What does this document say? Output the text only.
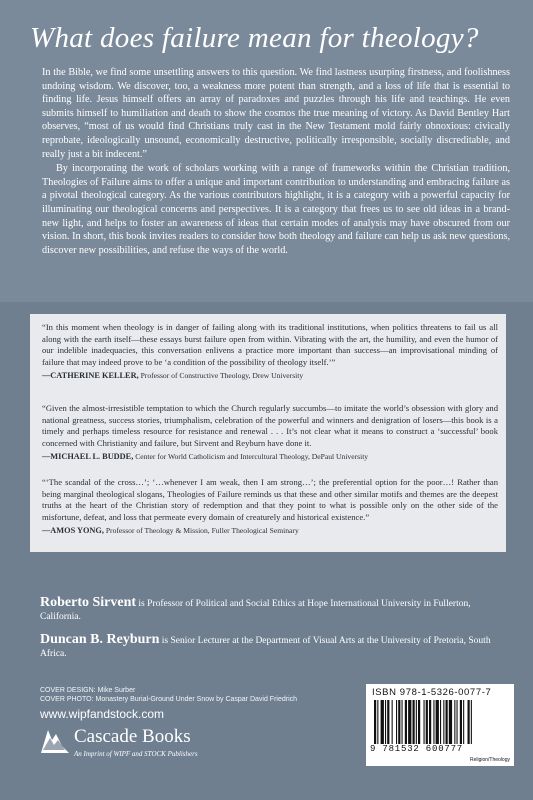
What does failure mean for theology?

In the Bible, we find some unsettling answers to this question. We find lastness usurping firstness, and foolishness undoing wisdom. We discover, too, a weakness more potent than strength, and a loss of life that is essential to finding life. Jesus himself offers an array of paradoxes and puzzles through his life and teachings. He even submits himself to humiliation and death to show the cosmos the true meaning of victory. As David Bentley Hart observes, “most of us would find Christians truly cast in the New Testament mold fairly obnoxious: civically reprobate, ideologically unsound, economically destructive, politically irresponsible, socially discreditable, and really just a bit indecent.”

By incorporating the work of scholars working with a range of frameworks within the Christian tradition, Theologies of Failure aims to offer a unique and important contribution to understanding and embracing failure as a pivotal theological category. As the various contributors highlight, it is a category with a powerful capacity for illuminating our theological concerns and perspectives. It is a category that frees us to see old ideas in a brand-new light, and helps to foster an awareness of ideas that certain modes of analysis may have obscured from our vision. In short, this book invites readers to consider how both theology and failure can help us ask new questions, discover new possibilities, and refuse the ways of the world.

“In this moment when theology is in danger of failing along with its traditional institutions, when politics threatens to fail us all along with the earth itself—these essays burst failure open from within. Vibrating with the art, the humility, and even the humor of our indelible inadequacies, this conversation enlivens a practice more important than success—an improvisational minding of failure that may indeed prove to be ‘a condition of the possibility of theology itself.’”
—CATHERINE KELLER, Professor of Constructive Theology, Drew University
“Given the almost-irresistible temptation to which the Church regularly succumbs—to imitate the world’s obsession with glory and national greatness, success stories, triumphalism, celebration of the powerful and winners and denigration of losers—this book is a timely and perhaps timeless resource for resistance and renewal . . . It’s not clear what it means to construct a ‘successful’ book concerned with Christianity and failure, but Sirvent and Reyburn have done it.
—MICHAEL L. BUDDE, Center for World Catholicism and Intercultural Theology, DePaul University
“‘The scandal of the cross…’; ‘…whenever I am weak, then I am strong…’; the preferential option for the poor…! Rather than being marginal theological slogans, Theologies of Failure reminds us that these and other similar motifs and themes are the deepest truths at the heart of the Christian story of redemption and that they point to what is possible only on the other side of the misfortune, defeat, and loss that permeate every domain of creaturely and historical existence.”
—AMOS YONG, Professor of Theology & Mission, Fuller Theological Seminary

Roberto Sirvent is Professor of Political and Social Ethics at Hope International University in Fullerton, California.

Duncan B. Reyburn is Senior Lecturer at the Department of Visual Arts at the University of Pretoria, South Africa.

COVER DESIGN: Mike Surber
COVER PHOTO: Monastery Burial-Ground Under Snow by Caspar David Friedrich
www.wipfandstock.com
Cascade Books
An Imprint of WIPF and STOCK Publishers
ISBN 978-1-5326-0077-7
9 781532 600777
Religion/Theology
